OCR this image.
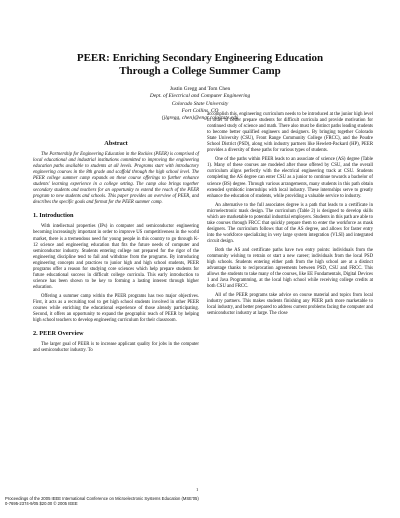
PEER: Enriching Secondary Engineering Education
Through a College Summer Camp
Justin Gregg and Tom Chen
Dept. of Electrical and Computer Engineering
Colorado State University
Fort Collins, CO
{jlgregg, chen}@engr.colostate.edu
Abstract

The Partnership for Engineering Education in the Rockies (PEER) is comprised of local educational and industrial institutions committed to improving the engineering education paths available to students at all levels. Programs start with introductory engineering courses in the 8th grade and scaffold through the high school level. The PEER college summer camp expands on these course offerings to further enhance students' learning experience in a college setting. The camp also brings together secondary students and teachers for an opportunity to extend the reach of the PEER program to new students and schools. This paper provides an overview of PEER, and describes the specific goals and format for the PEER summer camp.

1. Introduction

With intellectual properties (IPs) in computer and semiconductor engineering becoming increasingly important in order to improve US competitiveness in the world market, there is a tremendous need for young people in this country to go through K-12 science and engineering education that fits the future needs of computer and semiconductor industry. Students entering college not prepared for the rigor of the engineering discipline tend to fail and withdraw from the programs. By introducing engineering concepts and practices to junior high and high school students, PEER programs offer a reason for studying core sciences which help prepare students for future educational success in difficult college curricula. This early introduction to science has been shown to be key to forming a lasting interest through higher education.

Offering a summer camp within the PEER programs has two major objectives. First, it acts as a recruiting tool to get high school students involved in other PEER courses while enriching the educational experience of those already participating. Second, it offers an opportunity to expand the geographic reach of PEER by helping high school teachers to develop engineering curriculum for their classroom.

2. PEER Overview

The larger goal of PEER is to increase applicant quality for jobs in the computer and semiconductor industry. To

accomplish this, engineering curriculum needs to be introduced at the junior high level in order to better prepare students for difficult curricula and provide motivation for continued study of science and math. There also must be distinct paths leading students to become better qualified engineers and designers. By bringing together Colorado State University (CSU), Front Range Community College (FRCC), and the Poudre School District (PSD), along with industry partners like Hewlett-Packard (HP), PEER provides a diversity of these paths for various types of students.

One of the paths within PEER leads to an associate of science (AS) degree (Table 1). Many of these courses are modeled after those offered by CSU, and the overall curriculum aligns perfectly with the electrical engineering track at CSU. Students completing the AS degree can enter CSU as a junior to continue towards a bachelor of science (BS) degree. Through various arrangements, many students in this path obtain extended symbiotic internships with local industry. These internships serve to greatly enhance the education of students, while providing a valuable service to industry.

An alternative to the full associates degree is a path that leads to a certificate in microelectronic mask design. The curriculum (Table 2) is designed to develop skills which are marketable to potential industrial employers. Students in this path are able to take courses through FRCC that quickly prepare them to enter the workforce as mask designers. The curriculum follows that of the AS degree, and allows for faster entry into the workforce specializing in very large system integration (VLSI) and integrated circuit design.

Both the AS and certificate paths have two entry points: individuals from the community wishing to retrain or start a new career; individuals from the local PSD high schools. Students entering either path from the high school are at a distinct advantage thanks to reciprocation agreements between PSD, CSU and FRCC. This allows the students to take many of the courses, like EE Fundamentals, Digital Devices 1 and Java Programming, at the local high school while receiving college credits at both CSU and FRCC.

All of the PEER programs take advice on course material and topics from local industry partners. This makes students finishing any PEER path more marketable to local industry, and better prepared to address current problems facing the computer and semiconductor industry at large. The close

1
Proceedings of the 2005 IEEE International Conference on Microelectronic Systems Education (MSE'05)
0-7695-2374-9/05 $20.00 © 2005 IEEE
